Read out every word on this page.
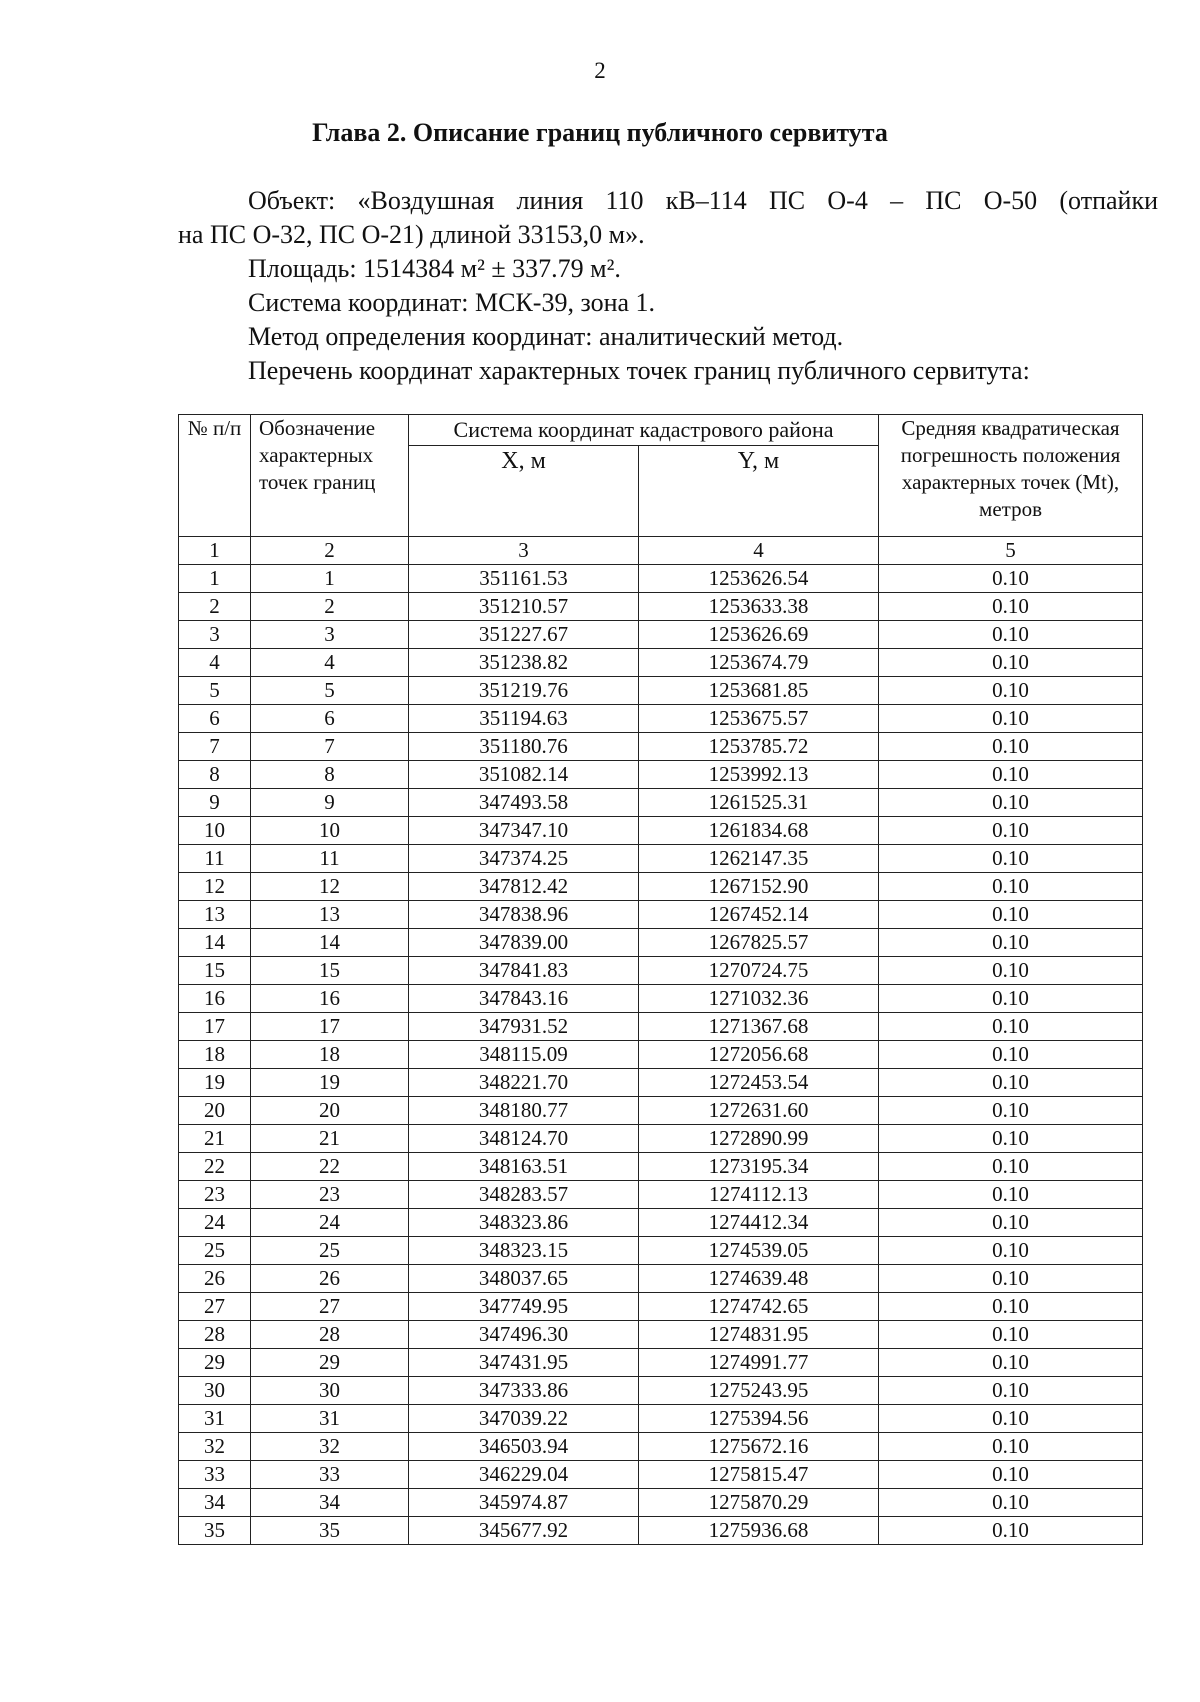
2
Глава 2. Описание границ публичного сервитута

Объект: «Воздушная линия 110 кВ–114 ПС О-4 – ПС О-50 (отпайки

на ПС О-32, ПС О-21) длиной 33153,0 м».

Площадь: 1514384 м² ± 337.79 м².

Система координат: МСК-39, зона 1.

Метод определения координат: аналитический метод.

Перечень координат характерных точек границ публичного сервитута:

№ п/п	Обозначение характерных точек границ	Система координат кадастрового района		Средняя квадратическая погрешность положения характерных точек (Mt), метров
		X, м	Y, м	
1	2	3	4	5
1	1	351161.53	1253626.54	0.10
2	2	351210.57	1253633.38	0.10
3	3	351227.67	1253626.69	0.10
4	4	351238.82	1253674.79	0.10
5	5	351219.76	1253681.85	0.10
6	6	351194.63	1253675.57	0.10
7	7	351180.76	1253785.72	0.10
8	8	351082.14	1253992.13	0.10
9	9	347493.58	1261525.31	0.10
10	10	347347.10	1261834.68	0.10
11	11	347374.25	1262147.35	0.10
12	12	347812.42	1267152.90	0.10
13	13	347838.96	1267452.14	0.10
14	14	347839.00	1267825.57	0.10
15	15	347841.83	1270724.75	0.10
16	16	347843.16	1271032.36	0.10
17	17	347931.52	1271367.68	0.10
18	18	348115.09	1272056.68	0.10
19	19	348221.70	1272453.54	0.10
20	20	348180.77	1272631.60	0.10
21	21	348124.70	1272890.99	0.10
22	22	348163.51	1273195.34	0.10
23	23	348283.57	1274112.13	0.10
24	24	348323.86	1274412.34	0.10
25	25	348323.15	1274539.05	0.10
26	26	348037.65	1274639.48	0.10
27	27	347749.95	1274742.65	0.10
28	28	347496.30	1274831.95	0.10
29	29	347431.95	1274991.77	0.10
30	30	347333.86	1275243.95	0.10
31	31	347039.22	1275394.56	0.10
32	32	346503.94	1275672.16	0.10
33	33	346229.04	1275815.47	0.10
34	34	345974.87	1275870.29	0.10
35	35	345677.92	1275936.68	0.10
